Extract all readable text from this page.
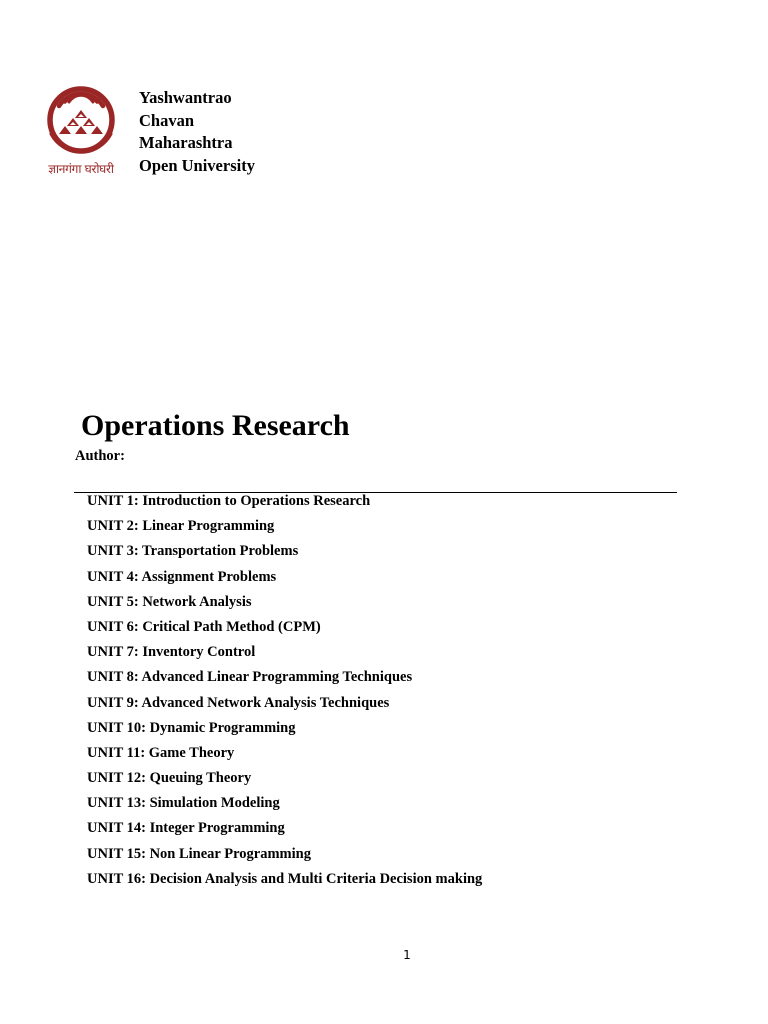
ज्ञानगंगा घरोघरी
Yashwantrao
Chavan
Maharashtra
Open University
Operations Research
Author:
UNIT 1: Introduction to Operations Research
UNIT 2: Linear Programming
UNIT 3: Transportation Problems
UNIT 4: Assignment Problems
UNIT 5: Network Analysis
UNIT 6: Critical Path Method (CPM)
UNIT 7: Inventory Control
UNIT 8: Advanced Linear Programming Techniques
UNIT 9: Advanced Network Analysis Techniques
UNIT 10: Dynamic Programming
UNIT 11: Game Theory
UNIT 12: Queuing Theory
UNIT 13: Simulation Modeling
UNIT 14: Integer Programming
UNIT 15: Non Linear Programming
UNIT 16: Decision Analysis and Multi Criteria Decision making
1
